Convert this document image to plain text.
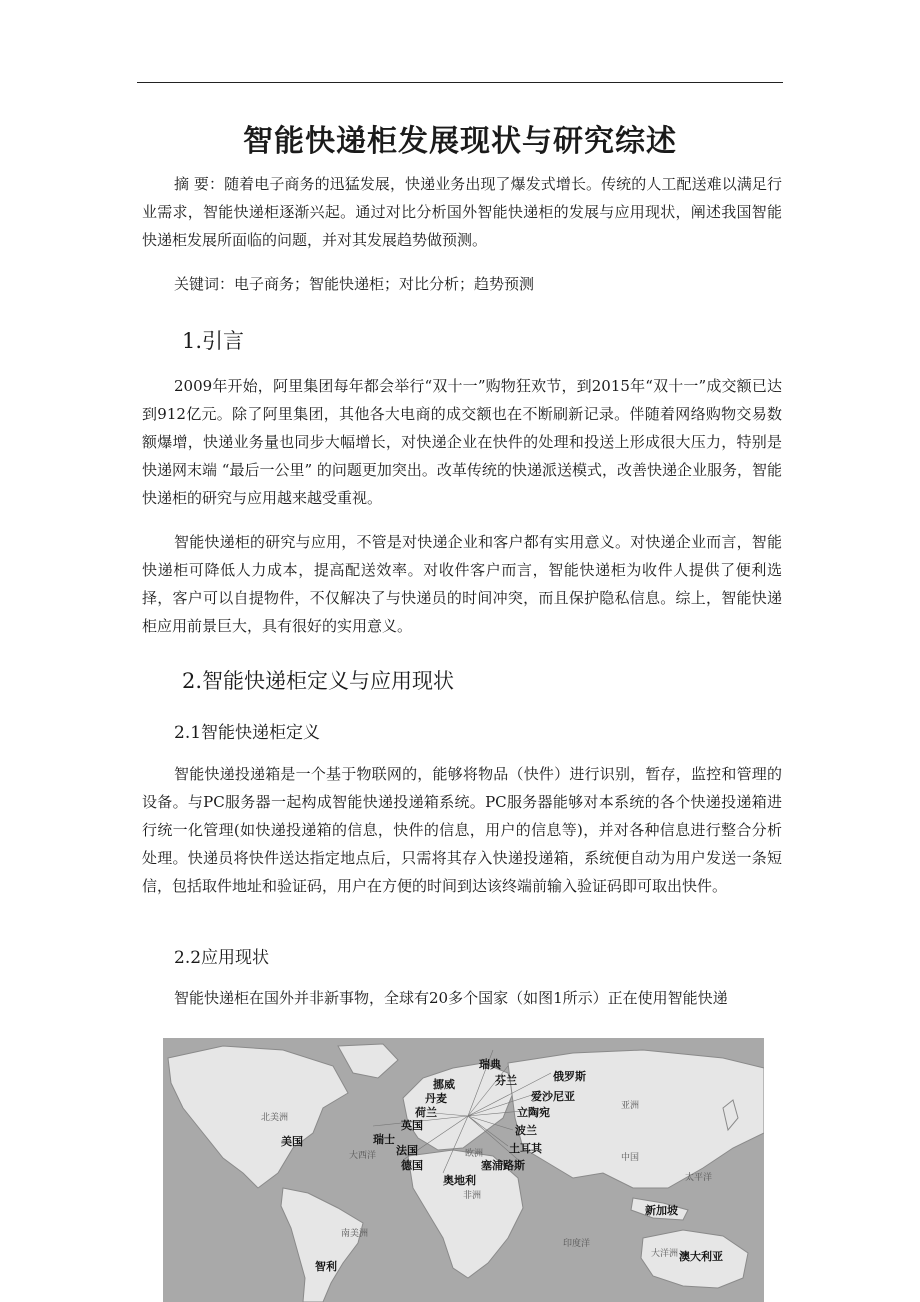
智能快递柜发展现状与研究综述

摘 要：随着电子商务的迅猛发展，快递业务出现了爆发式增长。传统的人工配送难以满足行业需求，智能快递柜逐渐兴起。通过对比分析国外智能快递柜的发展与应用现状，阐述我国智能快递柜发展所面临的问题，并对其发展趋势做预测。

关键词：电子商务；智能快递柜；对比分析；趋势预测

1.引言

2009年开始，阿里集团每年都会举行“双十一”购物狂欢节，到2015年“双十一”成交额已达到912亿元。除了阿里集团，其他各大电商的成交额也在不断刷新记录。伴随着网络购物交易数额爆增，快递业务量也同步大幅增长，对快递企业在快件的处理和投送上形成很大压力，特别是快递网末端 “最后一公里” 的问题更加突出。改革传统的快递派送模式，改善快递企业服务，智能快递柜的研究与应用越来越受重视。

智能快递柜的研究与应用，不管是对快递企业和客户都有实用意义。对快递企业而言，智能快递柜可降低人力成本，提高配送效率。对收件客户而言，智能快递柜为收件人提供了便利选择，客户可以自提物件，不仅解决了与快递员的时间冲突，而且保护隐私信息。综上，智能快递柜应用前景巨大，具有很好的实用意义。

2.智能快递柜定义与应用现状
2.1智能快递柜定义

智能快递投递箱是一个基于物联网的，能够将物品（快件）进行识别，暂存，监控和管理的设备。与PC服务器一起构成智能快递投递箱系统。PC服务器能够对本系统的各个快递投递箱进行统一化管理(如快递投递箱的信息，快件的信息，用户的信息等)，并对各种信息进行整合分析处理。快递员将快件送达指定地点后，只需将其存入快递投递箱，系统便自动为用户发送一条短信，包括取件地址和验证码，用户在方便的时间到达该终端前输入验证码即可取出快件。

2.2应用现状

智能快递柜在国外并非新事物，全球有20多个国家（如图1所示）正在使用智能快递

北美洲
大西洋	欧洲
非洲
南美洲
印度洋
亚洲
中国
太平洋
大洋洲
瑞典
芬兰	俄罗斯
挪威
丹麦	爱沙尼亚
荷兰
英国
立陶宛
瑞士
波兰
法国	土耳其
德国	塞浦路斯
奥地利
美国
新加坡
澳大利亚
智利
